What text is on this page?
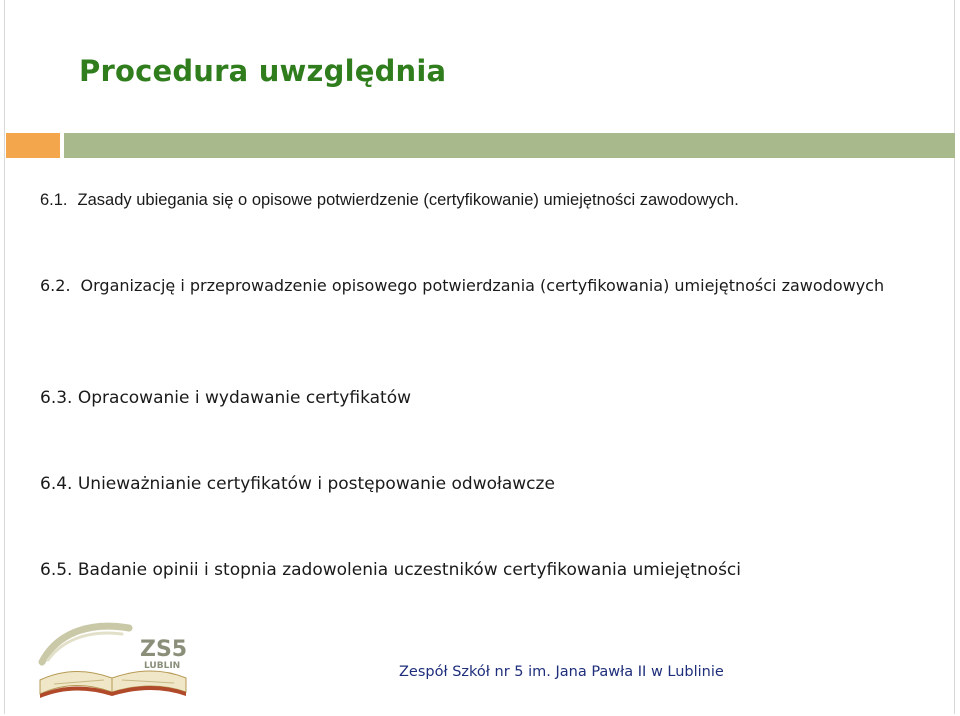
Procedura uwzględnia

6.1. Zasady ubiegania się o opisowe potwierdzenie (certyfikowanie) umiejętności zawodowych.

6.2. Organizację i przeprowadzenie opisowego potwierdzania (certyfikowania) umiejętności zawodowych

6.3. Opracowanie i wydawanie certyfikatów

6.4. Unieważnianie certyfikatów i postępowanie odwoławcze

6.5. Badanie opinii i stopnia zadowolenia uczestników certyfikowania umiejętności

ZS5
LUBLIN	Zespół Szkół nr 5 im. Jana Pawła II w Lublinie
